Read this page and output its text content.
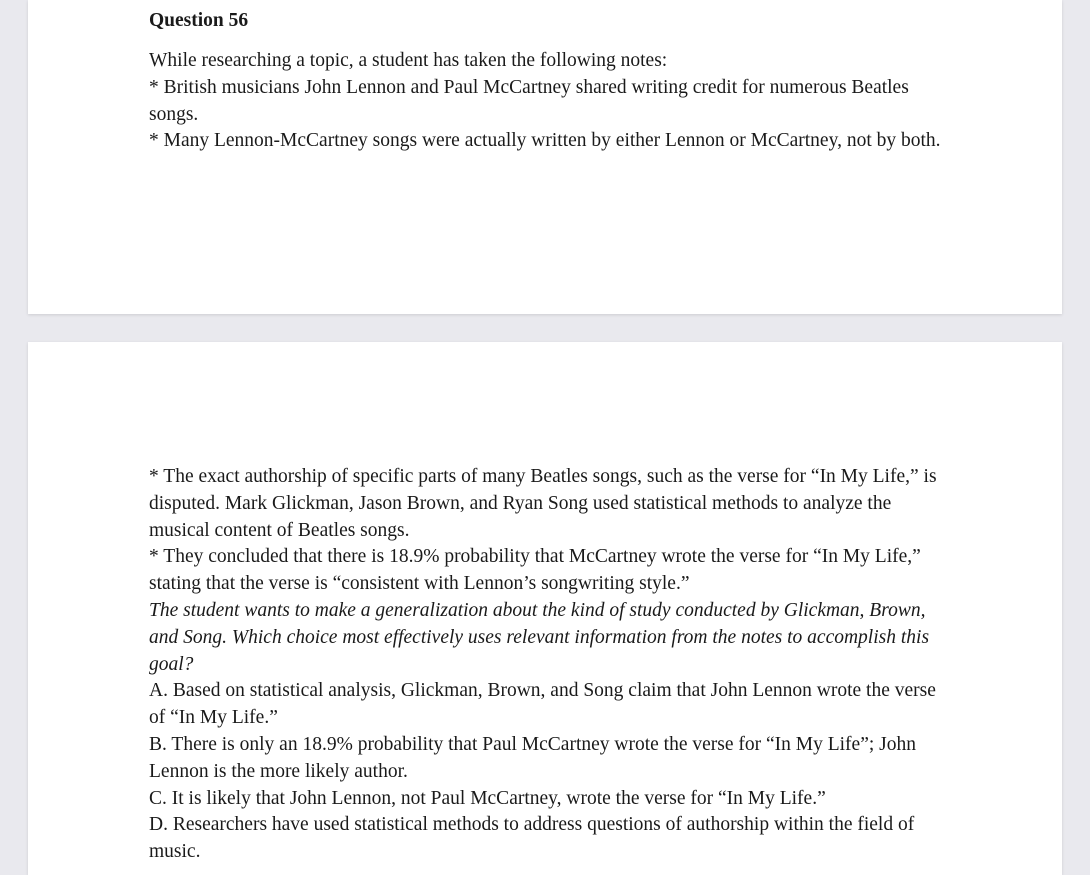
Question 56

While researching a topic, a student has taken the following notes:

* British musicians John Lennon and Paul McCartney shared writing credit for numerous Beatles songs.

* Many Lennon-McCartney songs were actually written by either Lennon or McCartney, not by both.

* The exact authorship of specific parts of many Beatles songs, such as the verse for “In My Life,” is disputed. Mark Glickman, Jason Brown, and Ryan Song used statistical methods to analyze the musical content of Beatles songs.

* They concluded that there is 18.9% probability that McCartney wrote the verse for “In My Life,” stating that the verse is “consistent with Lennon’s songwriting style.”

The student wants to make a generalization about the kind of study conducted by Glickman, Brown, and Song. Which choice most effectively uses relevant information from the notes to accomplish this goal?

A. Based on statistical analysis, Glickman, Brown, and Song claim that John Lennon wrote the verse of “In My Life.”

B. There is only an 18.9% probability that Paul McCartney wrote the verse for “In My Life”; John Lennon is the more likely author.

C. It is likely that John Lennon, not Paul McCartney, wrote the verse for “In My Life.”

D. Researchers have used statistical methods to address questions of authorship within the field of music.
